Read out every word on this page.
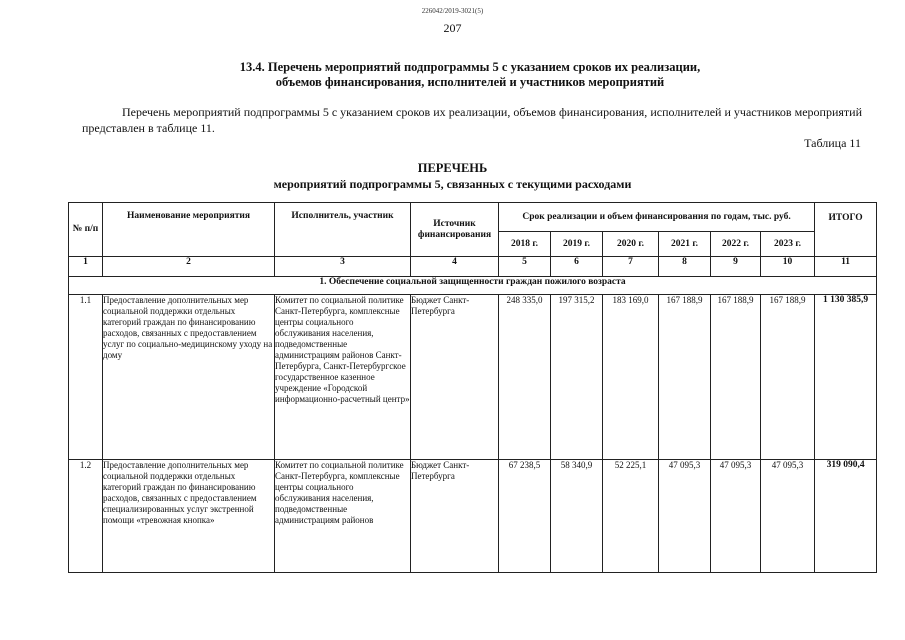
226042/2019-3021(5)
207
13.4. Перечень мероприятий подпрограммы 5 с указанием сроков их реализации,
объемов финансирования, исполнителей и участников мероприятий
Перечень мероприятий подпрограммы 5 с указанием сроков их реализации, объемов финансирования, исполнителей и участников мероприятий представлен в таблице 11.
Таблица 11
ПЕРЕЧЕНЬ
мероприятий подпрограммы 5, связанных с текущими расходами
№ п/п	Наименование мероприятия	Исполнитель, участник	Источник финансирования	Срок реализации и объем финансирования по годам, тыс. руб.						ИТОГО
				2018 г.	2019 г.	2020 г.	2021 г.	2022 г.	2023 г.	
1	2	3	4	5	6	7	8	9	10	11
1. Обеспечение социальной защищенности граждан пожилого возраста										
1.1	Предоставление дополнительных мер социальной поддержки отдельных категорий граждан по финансированию расходов, связанных с предоставлением услуг по социально-медицинскому уходу на дому	Комитет по социальной политике Санкт-Петербурга, комплексные центры социального обслуживания населения, подведомственные администрациям районов Санкт-Петербурга, Санкт-Петербургское государственное казенное учреждение «Городской информационно-расчетный центр»	Бюджет Санкт-Петербурга	248 335,0	197 315,2	183 169,0	167 188,9	167 188,9	167 188,9	1 130 385,9
1.2	Предоставление дополнительных мер социальной поддержки отдельных категорий граждан по финансированию расходов, связанных с предоставлением специализированных услуг экстренной помощи «тревожная кнопка»	Комитет по социальной политике Санкт-Петербурга, комплексные центры социального обслуживания населения, подведомственные администрациям районов	Бюджет Санкт-Петербурга	67 238,5	58 340,9	52 225,1	47 095,3	47 095,3	47 095,3	319 090,4
